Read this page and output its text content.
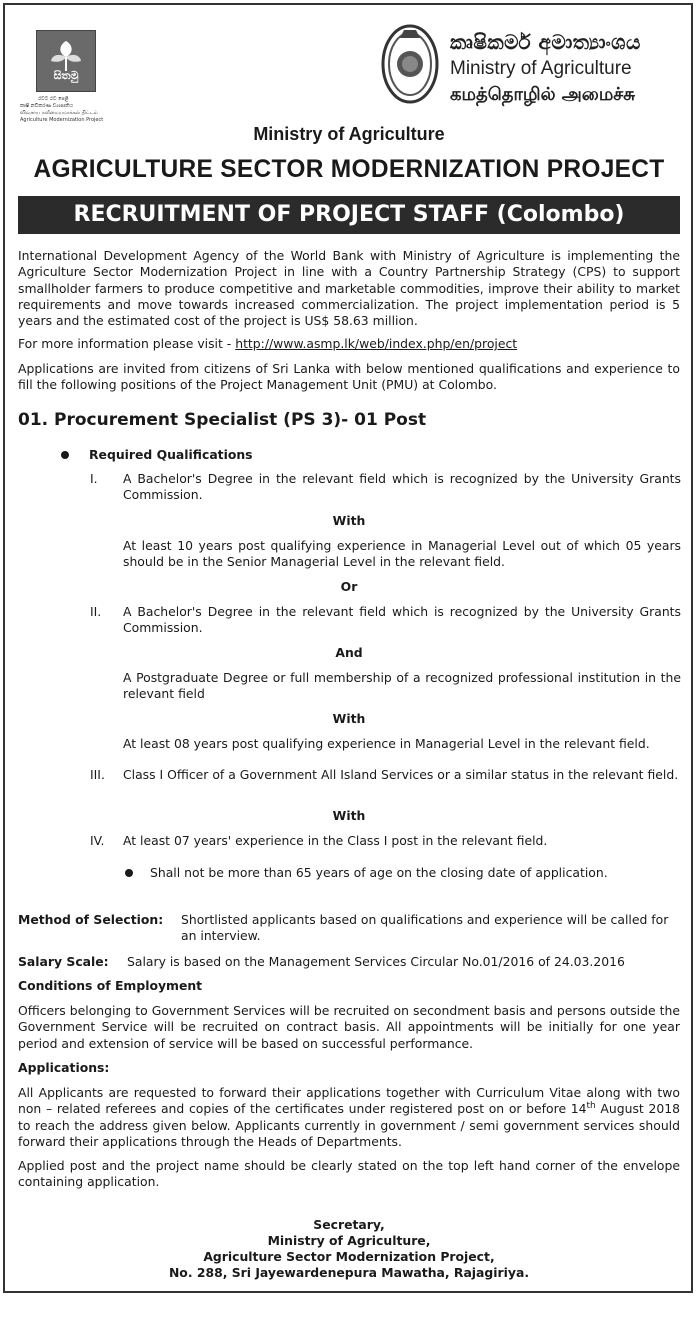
සිතමු
රටට රට පෙළී
කෘෂි නවීකරණ ව්‍යාපෘතිය
விவசாய நவீனமயமாக்கல் திட்டம்
Agriculture Modernization Project
කෘෂිකර්ම අමාත්‍යාංශය
Ministry of Agriculture
கமத்தொழில் அமைச்சு
Ministry of Agriculture
AGRICULTURE SECTOR MODERNIZATION PROJECT
RECRUITMENT OF PROJECT STAFF (Colombo)
International Development Agency of the World Bank with Ministry of Agriculture is implementing the Agriculture Sector Modernization Project in line with a Country Partnership Strategy (CPS) to support smallholder farmers to produce competitive and marketable commodities, improve their ability to market requirements and move towards increased commercialization. The project implementation period is 5 years and the estimated cost of the project is US$ 58.63 million.
For more information please visit - http://www.asmp.lk/web/index.php/en/project
Applications are invited from citizens of Sri Lanka with below mentioned qualifications and experience to fill the following positions of the Project Management Unit (PMU) at Colombo.
01. Procurement Specialist (PS 3)- 01 Post
Required Qualifications
I. A Bachelor's Degree in the relevant field which is recognized by the University Grants Commission.
With
At least 10 years post qualifying experience in Managerial Level out of which 05 years should be in the Senior Managerial Level in the relevant field.
Or
II. A Bachelor's Degree in the relevant field which is recognized by the University Grants Commission.
And
A Postgraduate Degree or full membership of a recognized professional institution in the relevant field
With
At least 08 years post qualifying experience in Managerial Level in the relevant field.
III. Class I Officer of a Government All Island Services or a similar status in the relevant field.
With
IV. At least 07 years' experience in the Class I post in the relevant field.
Shall not be more than 65 years of age on the closing date of application.
Method of Selection: Shortlisted applicants based on qualifications and experience will be called for an interview.
Salary Scale: Salary is based on the Management Services Circular No.01/2016 of 24.03.2016
Conditions of Employment
Officers belonging to Government Services will be recruited on secondment basis and persons outside the Government Service will be recruited on contract basis. All appointments will be initially for one year period and extension of service will be based on successful performance.
Applications:
All Applicants are requested to forward their applications together with Curriculum Vitae along with two non – related referees and copies of the certificates under registered post on or before 14th August 2018 to reach the address given below. Applicants currently in government / semi government services should forward their applications through the Heads of Departments.
Applied post and the project name should be clearly stated on the top left hand corner of the envelope containing application.
Secretary,
Ministry of Agriculture,
Agriculture Sector Modernization Project,
No. 288, Sri Jayewardenepura Mawatha, Rajagiriya.
